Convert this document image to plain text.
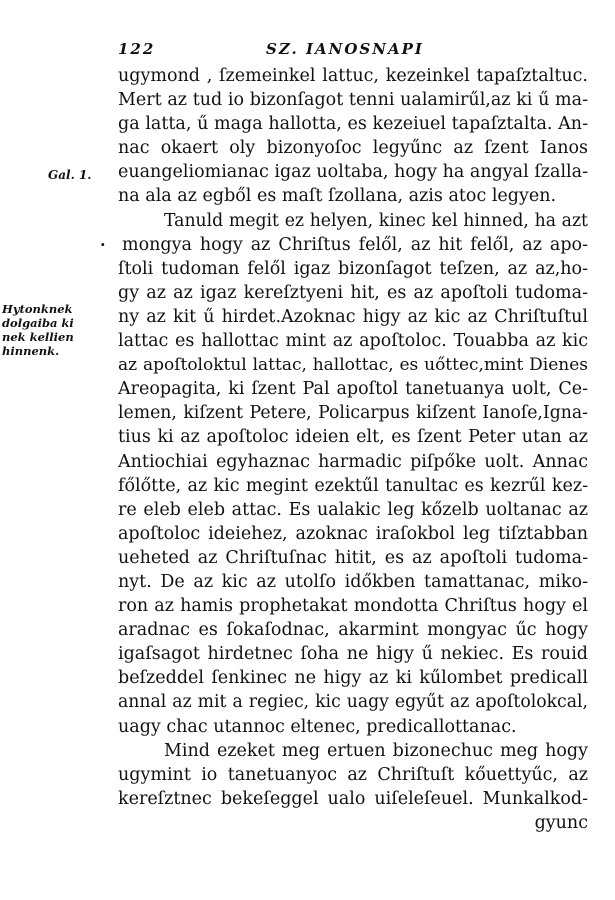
122	SZ. IANOSNAPI
Gal. 1.
·
Hytonknek
dolgaiba ki
nek kellien
hinnenk.
ugymond , ſzemeinkel lattuc, kezeinkel tapaſztaltuc.
Mert az tud io bizonſagot tenni ualamirűl,az ki ű ma-
ga latta, ű maga hallotta, es kezeiuel tapaſztalta. An-
nac okaert oly bizonyoſoc legyűnc az ſzent Ianos
euangeliomianac igaz uoltaba, hogy ha angyal ſzalla-
na ala az egből es maſt ſzollana, azis atoc legyen.
Tanuld megit ez helyen, kinec kel hinned, ha azt
mongya hogy az Chriſtus felől, az hit felől, az apo-
ſtoli tudoman felől igaz bizonſagot teſzen, az az,ho-
gy az az igaz kereſztyeni hit, es az apoſtoli tudoma-
ny az kit ű hirdet.Azoknac higy az kic az Chriſtuſtul
lattac es hallottac mint az apoſtoloc. Touabba az kic
az apoſtoloktul lattac, hallottac, es uőttec,mint Dienes
Areopagita, ki ſzent Pal apoſtol tanetuanya uolt, Ce-
lemen, kiſzent Petere, Policarpus kiſzent Ianoſe,Igna-
tius ki az apoſtoloc ideien elt, es ſzent Peter utan az
Antiochiai egyhaznac harmadic piſpőke uolt. Annac
főlőtte, az kic megint ezektűl tanultac es kezrűl kez-
re eleb eleb attac. Es ualakic leg kőzelb uoltanac az
apoſtoloc ideiehez, azoknac iraſokbol leg tiſztabban
ueheted az Chriſtuſnac hitit, es az apoſtoli tudoma-
nyt. De az kic az utolſo időkben tamattanac, miko-
ron az hamis prophetakat mondotta Chriſtus hogy el
aradnac es ſokaſodnac, akarmint mongyac űc hogy
igaſsagot hirdetnec ſoha ne higy ű nekiec. Es rouid
beſzeddel ſenkinec ne higy az ki kűlombet predicall
annal az mit a regiec, kic uagy egyűt az apoſtolokcal,
uagy chac utannoc eltenec, predicallottanac.
Mind ezeket meg ertuen bizonechuc meg hogy
ugymint io tanetuanyoc az Chriſtuſt kőuettyűc, az
kereſztnec bekeſeggel ualo uiſeleſeuel. Munkalkod-
gyunc
